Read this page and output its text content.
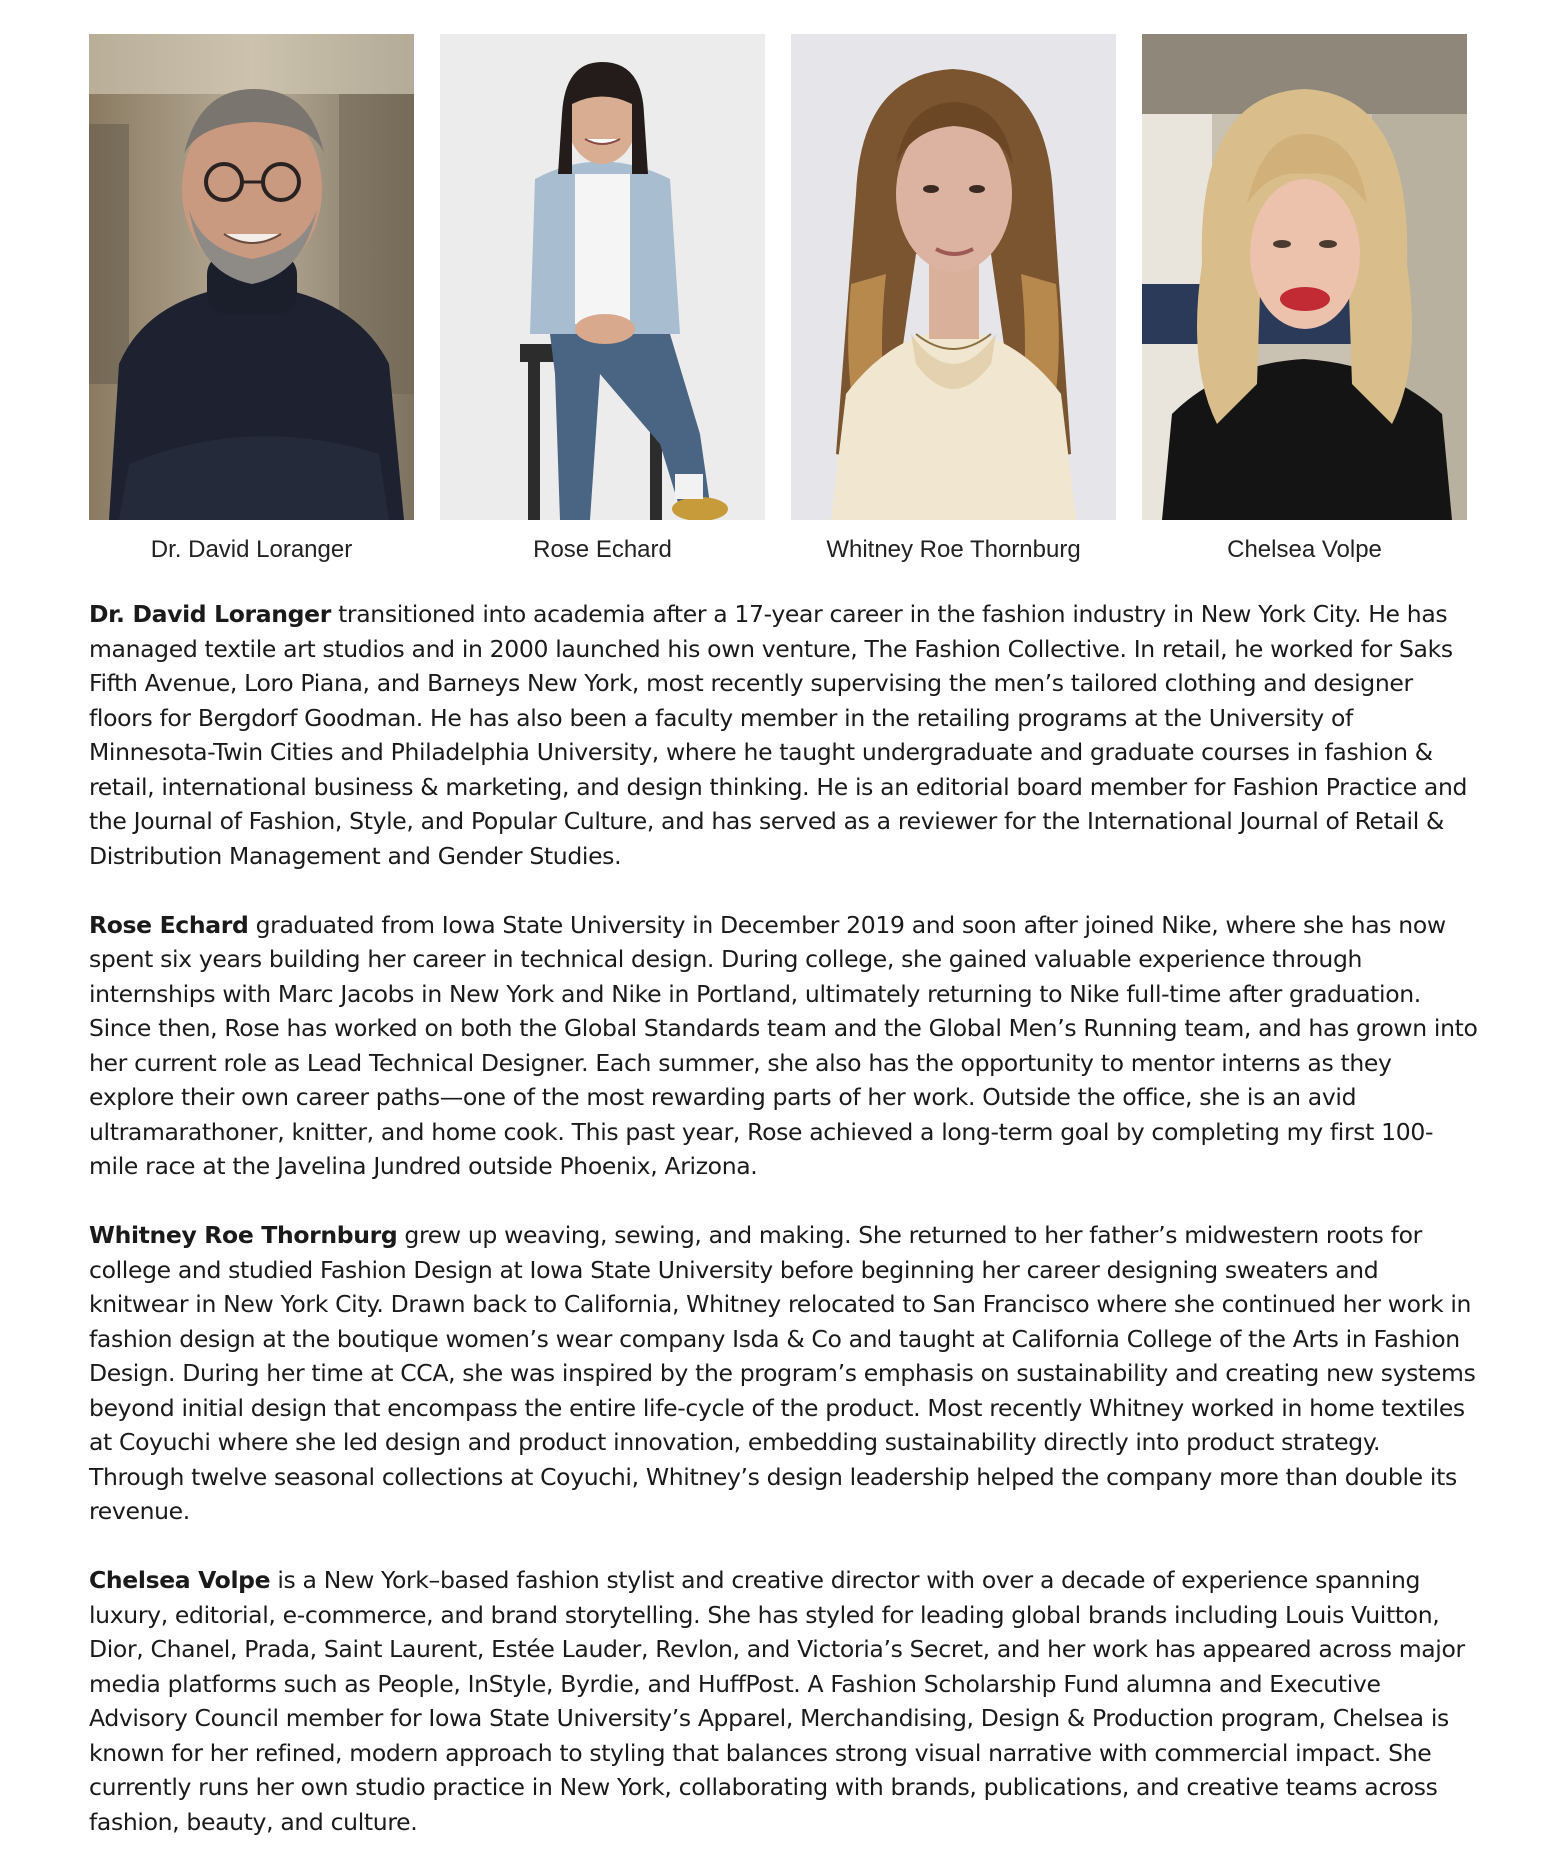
Dr. David Loranger	Rose Echard	Whitney Roe Thornburg	Chelsea Volpe

Dr. David Loranger transitioned into academia after a 17-year career in the fashion industry in New York City. He has managed textile art studios and in 2000 launched his own venture, The Fashion Collective. In retail, he worked for Saks Fifth Avenue, Loro Piana, and Barneys New York, most recently supervising the men’s tailored clothing and designer floors for Bergdorf Goodman. He has also been a faculty member in the retailing programs at the University of Minnesota-Twin Cities and Philadelphia University, where he taught undergraduate and graduate courses in fashion & retail, international business & marketing, and design thinking. He is an editorial board member for Fashion Practice and the Journal of Fashion, Style, and Popular Culture, and has served as a reviewer for the International Journal of Retail & Distribution Management and Gender Studies.

Rose Echard graduated from Iowa State University in December 2019 and soon after joined Nike, where she has now spent six years building her career in technical design. During college, she gained valuable experience through internships with Marc Jacobs in New York and Nike in Portland, ultimately returning to Nike full-time after graduation. Since then, Rose has worked on both the Global Standards team and the Global Men’s Running team, and has grown into her current role as Lead Technical Designer. Each summer, she also has the opportunity to mentor interns as they explore their own career paths—one of the most rewarding parts of her work. Outside the office, she is an avid ultramarathoner, knitter, and home cook. This past year, Rose achieved a long-term goal by completing my first 100-mile race at the Javelina Jundred outside Phoenix, Arizona.

Whitney Roe Thornburg grew up weaving, sewing, and making. She returned to her father’s midwestern roots for college and studied Fashion Design at Iowa State University before beginning her career designing sweaters and knitwear in New York City. Drawn back to California, Whitney relocated to San Francisco where she continued her work in fashion design at the boutique women’s wear company Isda & Co and taught at California College of the Arts in Fashion Design. During her time at CCA, she was inspired by the program’s emphasis on sustainability and creating new systems beyond initial design that encompass the entire life-cycle of the product. Most recently Whitney worked in home textiles at Coyuchi where she led design and product innovation, embedding sustainability directly into product strategy. Through twelve seasonal collections at Coyuchi, Whitney’s design leadership helped the company more than double its revenue.

Chelsea Volpe is a New York–based fashion stylist and creative director with over a decade of experience spanning luxury, editorial, e-commerce, and brand storytelling. She has styled for leading global brands including Louis Vuitton, Dior, Chanel, Prada, Saint Laurent, Estée Lauder, Revlon, and Victoria’s Secret, and her work has appeared across major media platforms such as People, InStyle, Byrdie, and HuffPost. A Fashion Scholarship Fund alumna and Executive Advisory Council member for Iowa State University’s Apparel, Merchandising, Design & Production program, Chelsea is known for her refined, modern approach to styling that balances strong visual narrative with commercial impact. She currently runs her own studio practice in New York, collaborating with brands, publications, and creative teams across fashion, beauty, and culture.
